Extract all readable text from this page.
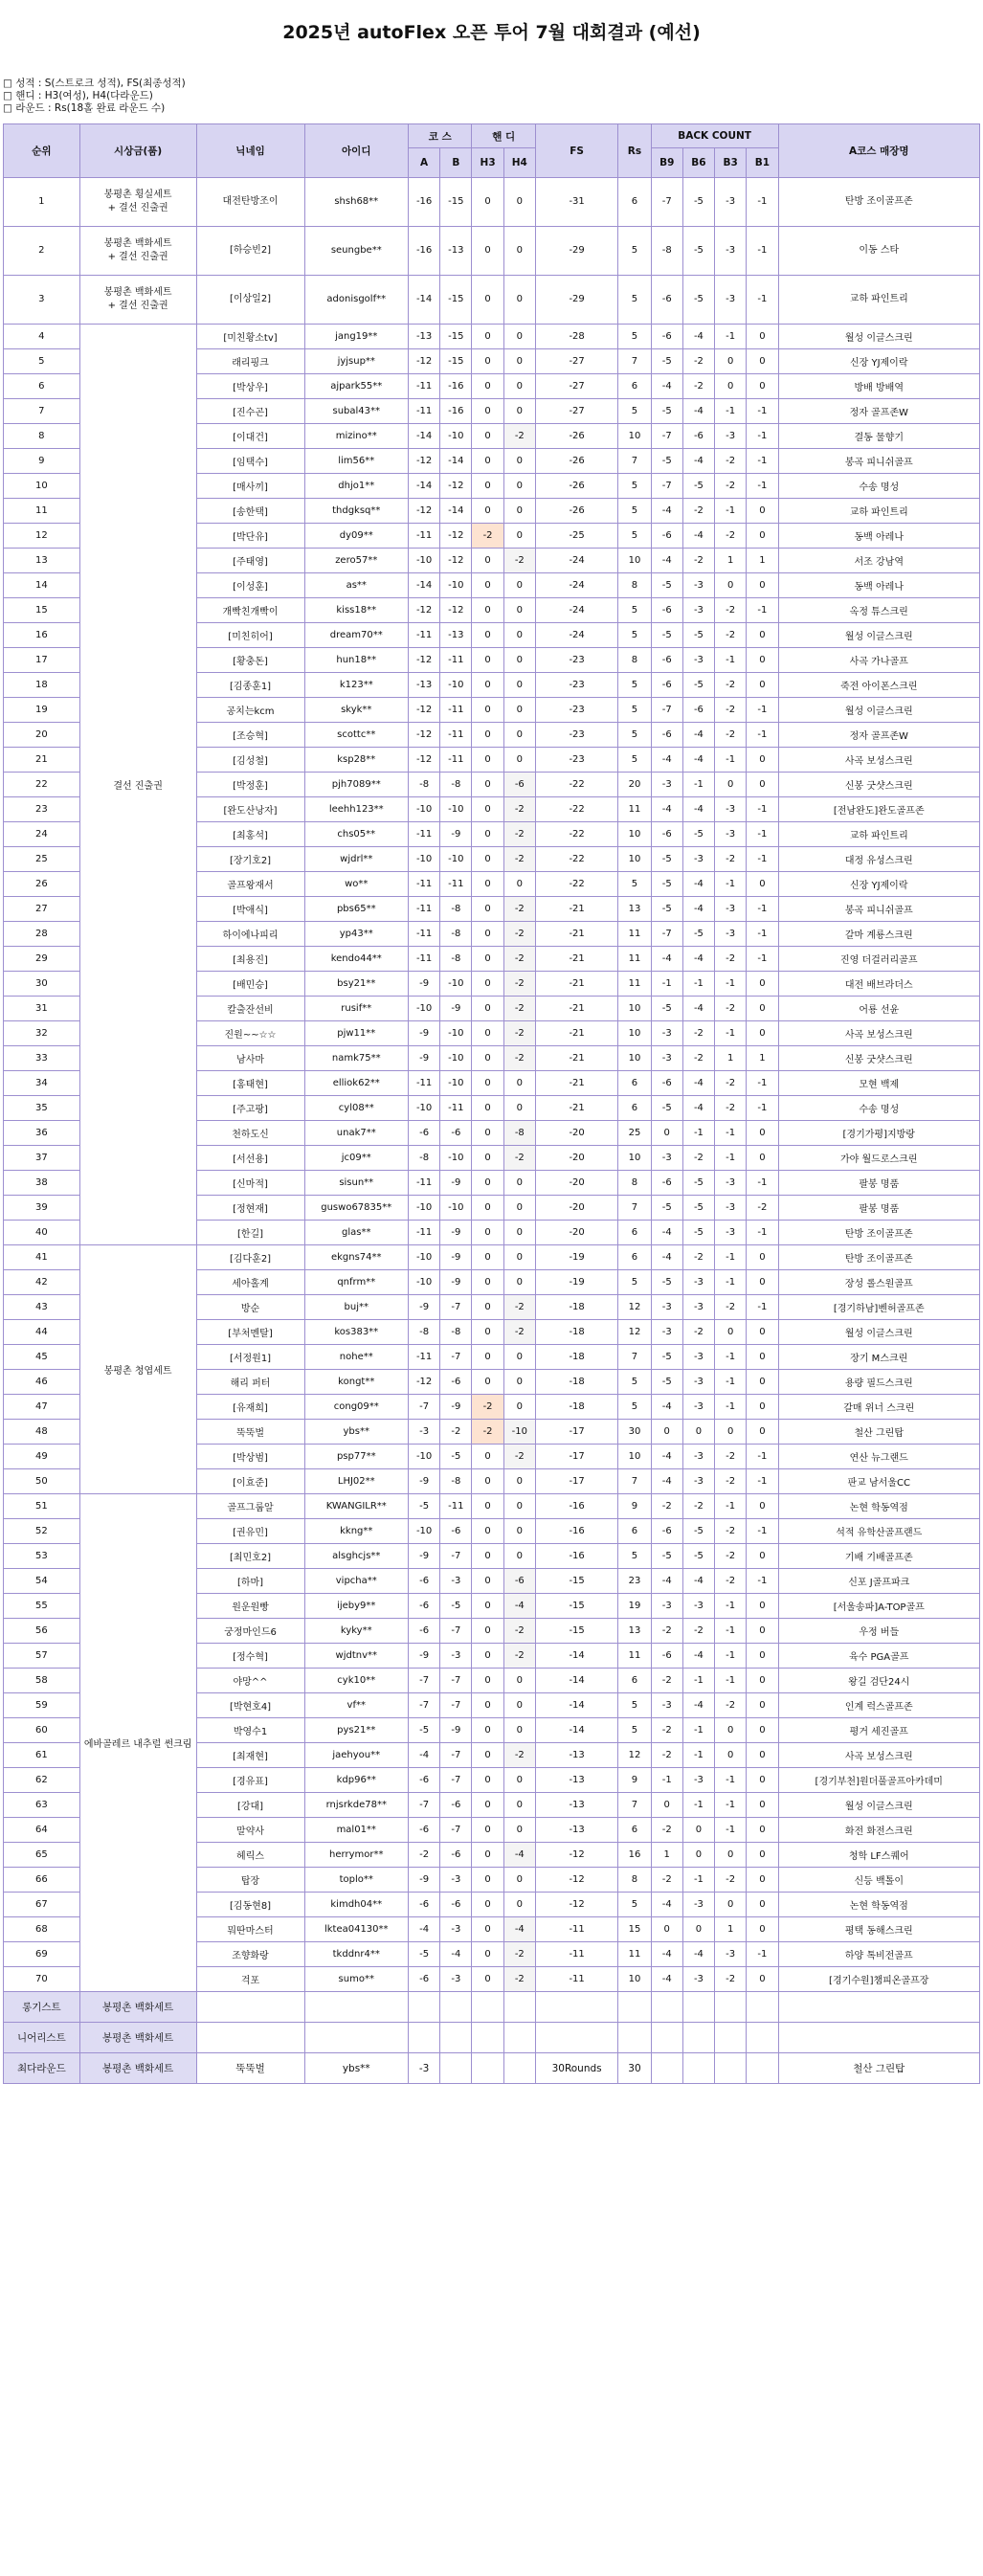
2025년 autoFlex 오픈 투어 7월 대회결과 (예선)
□ 성적 : S(스트로크 성적), FS(최종성적)
□ 핸디 : H3(여성), H4(다라운드)
□ 라운드 : Rs(18홀 완료 라운드 수)
순위	시상금(품)	닉네임	아이디	코 스		핸 디		FS	Rs	BACK COUNT				A코스 매장명
				A	B	H3	H4			B9	B6	B3	B1	
1	봉평촌 횡실세트
+ 결선 진출권	대전탄방조이	shsh68**	-16	-15	0	0	-31	6	-7	-5	-3	-1	탄방 조이골프존
2	봉평촌 백화세트
+ 결선 진출권	[하승빈2]	seungbe**	-16	-13	0	0	-29	5	-8	-5	-3	-1	이동 스타
3	봉평촌 백화세트
+ 결선 진출권	[이상일2]	adonisgolf**	-14	-15	0	0	-29	5	-6	-5	-3	-1	교하 파인트리
4	결선 진출권	[미친황소tv]	jang19**	-13	-15	0	0	-28	5	-6	-4	-1	0	월성 이글스크린
5		래리핑크	jyjsup**	-12	-15	0	0	-27	7	-5	-2	0	0	신장 YJ제이락
6		[박상우]	ajpark55**	-11	-16	0	0	-27	6	-4	-2	0	0	방배 방배역
7		[진수곤]	subal43**	-11	-16	0	0	-27	5	-5	-4	-1	-1	정자 골프존W
8		[이대건]	mizino**	-14	-10	0	-2	-26	10	-7	-6	-3	-1	결동 물향기
9		[임택수]	lim56**	-12	-14	0	0	-26	7	-5	-4	-2	-1	봉곡 피니쉬골프
10		[매사끼]	dhjo1**	-14	-12	0	0	-26	5	-7	-5	-2	-1	수송 명성
11		[송한택]	thdgksq**	-12	-14	0	0	-26	5	-4	-2	-1	0	교하 파인트리
12		[박단유]	dy09**	-11	-12	-2	0	-25	5	-6	-4	-2	0	동백 아레나
13		[주태영]	zero57**	-10	-12	0	-2	-24	10	-4	-2	1	1	서조 강남역
14		[이성훈]	as**	-14	-10	0	0	-24	8	-5	-3	0	0	동백 아레나
15		개빡친개빡이	kiss18**	-12	-12	0	0	-24	5	-6	-3	-2	-1	옥정 튜스크린
16		[미친히어]	dream70**	-11	-13	0	0	-24	5	-5	-5	-2	0	월성 이글스크린
17		[황충돈]	hun18**	-12	-11	0	0	-23	8	-6	-3	-1	0	사곡 가나골프
18		[김종훈1]	k123**	-13	-10	0	0	-23	5	-6	-5	-2	0	죽전 아이폰스크린
19		공치는kcm	skyk**	-12	-11	0	0	-23	5	-7	-6	-2	-1	월성 이글스크린
20		[조승혁]	scottc**	-12	-11	0	0	-23	5	-6	-4	-2	-1	정자 골프존W
21		[김성철]	ksp28**	-12	-11	0	0	-23	5	-4	-4	-1	0	사곡 보성스크린
22		[박정훈]	pjh7089**	-8	-8	0	-6	-22	20	-3	-1	0	0	신봉 굿샷스크린
23		[완도산낭자]	leehh123**	-10	-10	0	-2	-22	11	-4	-4	-3	-1	[전남완도]완도골프존
24		[최홍석]	chs05**	-11	-9	0	-2	-22	10	-6	-5	-3	-1	교하 파인트리
25		[장기호2]	wjdrl**	-10	-10	0	-2	-22	10	-5	-3	-2	-1	대정 유성스크린
26		골프왕재서	wo**	-11	-11	0	0	-22	5	-5	-4	-1	0	신장 YJ제이락
27		[박애식]	pbs65**	-11	-8	0	-2	-21	13	-5	-4	-3	-1	봉곡 피니쉬골프
28		하이에나피리	yp43**	-11	-8	0	-2	-21	11	-7	-5	-3	-1	갈마 계룡스크린
29		[최용진]	kendo44**	-11	-8	0	-2	-21	11	-4	-4	-2	-1	진영 더걸러리골프
30		[배민승]	bsy21**	-9	-10	0	-2	-21	11	-1	-1	-1	0	대전 배브라더스
31		칼출잔선비	rusif**	-10	-9	0	-2	-21	10	-5	-4	-2	0	어룡 선윤
32		진원~~☆☆	pjw11**	-9	-10	0	-2	-21	10	-3	-2	-1	0	사곡 보성스크린
33		남사마	namk75**	-9	-10	0	-2	-21	10	-3	-2	1	1	신봉 굿샷스크린
34		[홍태현]	elliok62**	-11	-10	0	0	-21	6	-6	-4	-2	-1	모현 백제
35		[주고팡]	cyl08**	-10	-11	0	0	-21	6	-5	-4	-2	-1	수송 명성
36		천하도신	unak7**	-6	-6	0	-8	-20	25	0	-1	-1	0	[경기가평]지방랑
37		[서선용]	jc09**	-8	-10	0	-2	-20	10	-3	-2	-1	0	가야 월드로스크린
38		[신마적]	sisun**	-11	-9	0	0	-20	8	-6	-5	-3	-1	팔봉 명품
39		[정현재]	guswo67835**	-10	-10	0	0	-20	7	-5	-5	-3	-2	팔봉 명품
40		[한길]	glas**	-11	-9	0	0	-20	6	-4	-5	-3	-1	탄방 조이골프존
41	봉평촌 청엽세트	[김다훈2]	ekgns74**	-10	-9	0	0	-19	6	-4	-2	-1	0	탄방 조이골프존
42		세아홀계	qnfrm**	-10	-9	0	0	-19	5	-5	-3	-1	0	장성 롤스원골프
43		방순	buj**	-9	-7	0	-2	-18	12	-3	-3	-2	-1	[경기하남]벤허골프존
44		[부처멘탈]	kos383**	-8	-8	0	-2	-18	12	-3	-2	0	0	월성 이글스크린
45		[서정원1]	nohe**	-11	-7	0	0	-18	7	-5	-3	-1	0	장기 M스크린
46		해리 퍼터	kongt**	-12	-6	0	0	-18	5	-5	-3	-1	0	용량 필드스크린
47		[유재희]	cong09**	-7	-9	-2	0	-18	5	-4	-3	-1	0	갈매 위너 스크린
48		뚝뚝벌	ybs**	-3	-2	-2	-10	-17	30	0	0	0	0	철산 그린탑
49		[박상범]	psp77**	-10	-5	0	-2	-17	10	-4	-3	-2	-1	연산 뉴그랜드
50		[이효준]	LHJ02**	-9	-8	0	0	-17	7	-4	-3	-2	-1	판교 남서울CC
51	에바골레르 내추럴 썬크림	골프그룹알	KWANGILR**	-5	-11	0	0	-16	9	-2	-2	-1	0	논현 학동역점
52		[권유민]	kkng**	-10	-6	0	0	-16	6	-6	-5	-2	-1	석적 유학산골프랜드
53		[최민호2]	alsghcjs**	-9	-7	0	0	-16	5	-5	-5	-2	0	기배 기배골프존
54		[하마]	vipcha**	-6	-3	0	-6	-15	23	-4	-4	-2	-1	신포 J골프파크
55		원운원빵	ijeby9**	-6	-5	0	-4	-15	19	-3	-3	-1	0	[서울송파]A-TOP골프
56		궁정마인드6	kyky**	-6	-7	0	-2	-15	13	-2	-2	-1	0	우정 버들
57		[정수혁]	wjdtnv**	-9	-3	0	-2	-14	11	-6	-4	-1	0	육수 PGA골프
58		야망^^	cyk10**	-7	-7	0	0	-14	6	-2	-1	-1	0	왕길 검단24시
59		[박현호4]	vf**	-7	-7	0	0	-14	5	-3	-4	-2	0	인계 럭스골프존
60		박영수1	pys21**	-5	-9	0	0	-14	5	-2	-1	0	0	평거 세진골프
61		[최재현]	jaehyou**	-4	-7	0	-2	-13	12	-2	-1	0	0	사곡 보성스크린
62		[경유표]	kdp96**	-6	-7	0	0	-13	9	-1	-3	-1	0	[경기부천]원더풀골프아카데미
63		[강대]	rnjsrkde78**	-7	-6	0	0	-13	7	0	-1	-1	0	월성 이글스크린
64		말약사	mal01**	-6	-7	0	0	-13	6	-2	0	-1	0	화전 화전스크린
65		헤릭스	herrymor**	-2	-6	0	-4	-12	16	1	0	0	0	청학 LF스퀘어
66		탑장	toplo**	-9	-3	0	0	-12	8	-2	-1	-2	0	신등 백톨이
67		[김동현8]	kimdh04**	-6	-6	0	0	-12	5	-4	-3	0	0	논현 학동역점
68		뭐딴마스터	lktea04130**	-4	-3	0	-4	-11	15	0	0	1	0	평택 동해스크린
69		조향화랑	tkddnr4**	-5	-4	0	-2	-11	11	-4	-4	-3	-1	하양 톡비전골프
70		걱포	sumo**	-6	-3	0	-2	-11	10	-4	-3	-2	0	[경기수원]챔피온골프장
롱기스트	봉평촌 백화세트													
니어리스트	봉평촌 백화세트													
최다라운드	봉평촌 백화세트	뚝뚝벌	ybs**	-3				30Rounds	30					철산 그린탑
